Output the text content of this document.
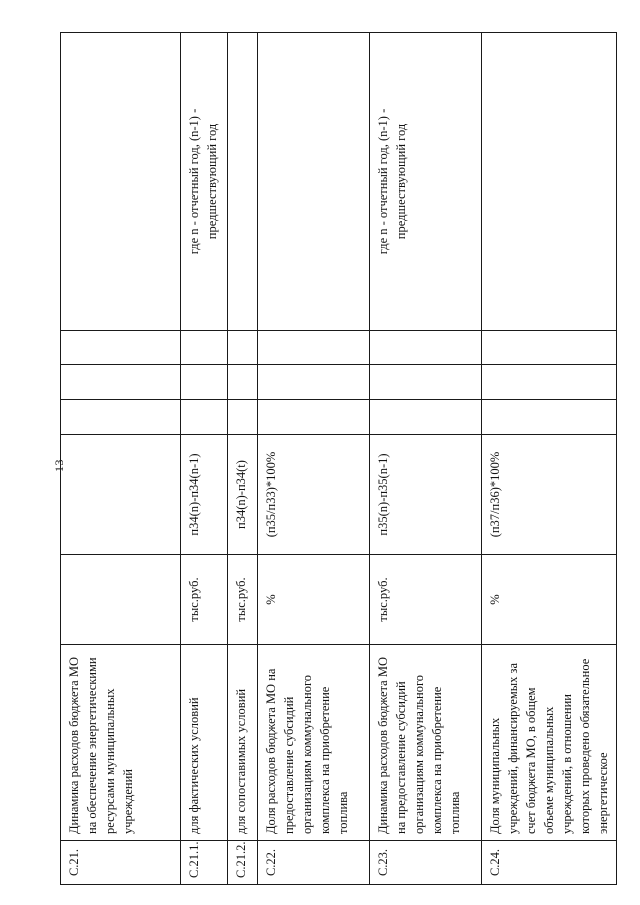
13
С.21.	Динамика расходов бюджета МО на обеспечение энергетическими ресурсами муниципальных учреждений						

С.21.1.	для фактических условий	тыс.руб.	п34(n)-п34(n-1)				где n - отчетный год, (n-1) - предшествующий год

С.21.2.	для сопоставимых условий	тыс.руб.	п34(n)-п34(t)				

С.22.	Доля расходов бюджета МО на предоставление субсидий организациям коммунального комплекса на приобретение топлива	%	(п35/п33)*100%				

С.23.	Динамика расходов бюджета МО на предоставление субсидий организациям коммунального комплекса на приобретение топлива	тыс.руб.	п35(n)-п35(n-1)				где n - отчетный год, (n-1) - предшествующий год

С.24.	Доля муниципальных учреждений, финансируемых за счет бюджета МО, в общем объеме муниципальных учреждений, в отношении которых проведено обязательное энергетическое	%	(п37/п36)*100%				
